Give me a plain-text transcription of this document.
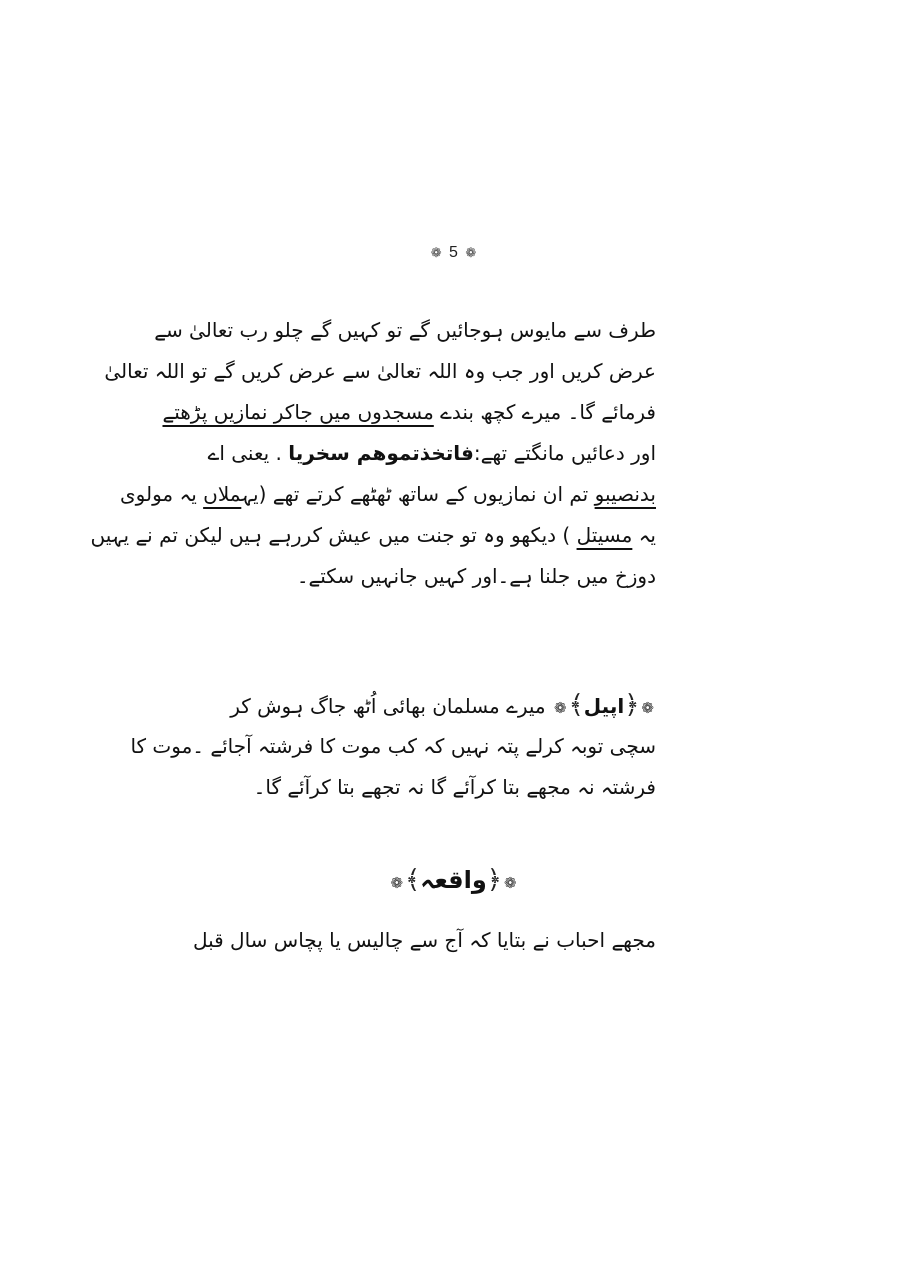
❁ 5 ❁
طرف سے مایوس ہوجائیں گے تو کہیں گے چلو رب تعالیٰ سے
عرض کریں اور جب وہ اللہ تعالیٰ سے عرض کریں گے تو اللہ تعالیٰ
فرمائے گا۔ میرے کچھ بندے مسجدوں میں جاکر نمازیں پڑھتے
اور دعائیں مانگتے تھے:فاتخذتموھم سخریا . یعنی اے
بدنصیبو تم ان نمازیوں کے ساتھ ٹھٹھے کرتے تھے (یہملاں یہ مولوی
یہ مسیتل ) دیکھو وہ تو جنت میں عیش کررہے ہیں لیکن تم نے یہیں
دوزخ میں جلنا ہے۔اور کہیں جانہیں سکتے۔
❁﴿اپیل﴾❁ میرے مسلمان بھائی اُٹھ جاگ ہوش کر
سچی توبہ کرلے پتہ نہیں کہ کب موت کا فرشتہ آجائے ۔موت کا
فرشتہ نہ مجھے بتا کرآئے گا نہ تجھے بتا کرآئے گا۔
❁﴿واقعہ﴾❁
مجھے احباب نے بتایا کہ آج سے چالیس یا پچاس سال قبل
